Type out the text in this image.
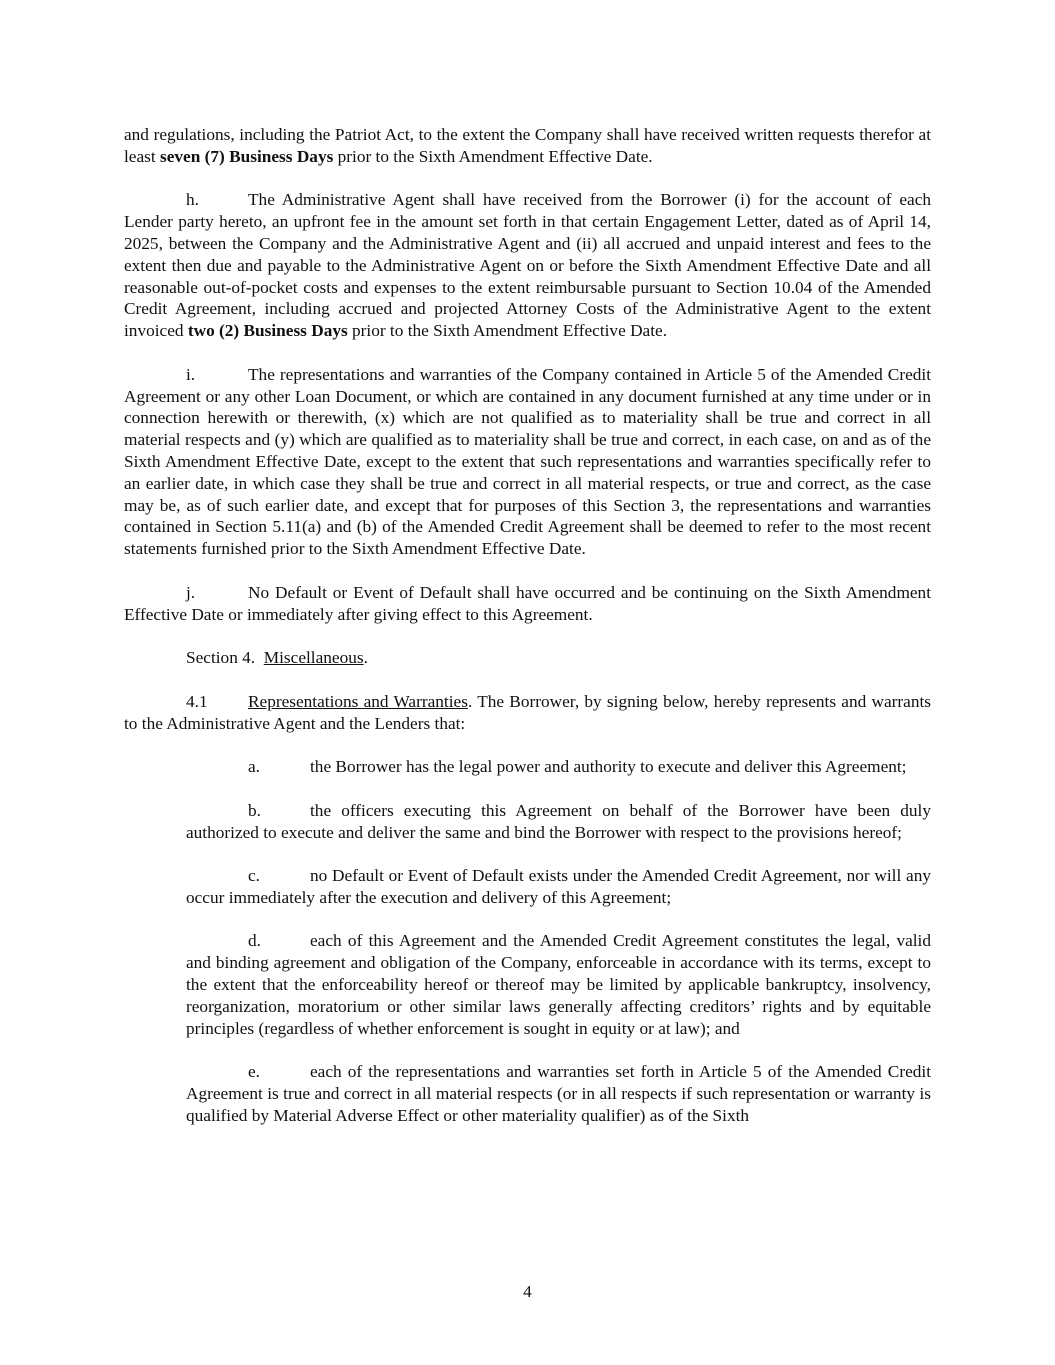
and regulations, including the Patriot Act, to the extent the Company shall have received written requests therefor at least seven (7) Business Days prior to the Sixth Amendment Effective Date.

h.	The Administrative Agent shall have received from the Borrower (i) for the account of each Lender party hereto, an upfront fee in the amount set forth in that certain Engagement Letter, dated as of April 14, 2025, between the Company and the Administrative Agent and (ii) all accrued and unpaid interest and fees to the extent then due and payable to the Administrative Agent on or before the Sixth Amendment Effective Date and all reasonable out-of-pocket costs and expenses to the extent reimbursable pursuant to Section 10.04 of the Amended Credit Agreement, including accrued and projected Attorney Costs of the Administrative Agent to the extent invoiced two (2) Business Days prior to the Sixth Amendment Effective Date.

i.	The representations and warranties of the Company contained in Article 5 of the Amended Credit Agreement or any other Loan Document, or which are contained in any document furnished at any time under or in connection herewith or therewith, (x) which are not qualified as to materiality shall be true and correct in all material respects and (y) which are qualified as to materiality shall be true and correct, in each case, on and as of the Sixth Amendment Effective Date, except to the extent that such representations and warranties specifically refer to an earlier date, in which case they shall be true and correct in all material respects, or true and correct, as the case may be, as of such earlier date, and except that for purposes of this Section 3, the representations and warranties contained in Section 5.11(a) and (b) of the Amended Credit Agreement shall be deemed to refer to the most recent statements furnished prior to the Sixth Amendment Effective Date.

j.	No Default or Event of Default shall have occurred and be continuing on the Sixth Amendment Effective Date or immediately after giving effect to this Agreement.

Section 4. Miscellaneous.

4.1 Representations and Warranties. The Borrower, by signing below, hereby represents and warrants to the Administrative Agent and the Lenders that:

a.	the Borrower has the legal power and authority to execute and deliver this Agreement;

b.	the officers executing this Agreement on behalf of the Borrower have been duly authorized to execute and deliver the same and bind the Borrower with respect to the provisions hereof;

c.	no Default or Event of Default exists under the Amended Credit Agreement, nor will any occur immediately after the execution and delivery of this Agreement;

d.	each of this Agreement and the Amended Credit Agreement constitutes the legal, valid and binding agreement and obligation of the Company, enforceable in accordance with its terms, except to the extent that the enforceability hereof or thereof may be limited by applicable bankruptcy, insolvency, reorganization, moratorium or other similar laws generally affecting creditors’ rights and by equitable principles (regardless of whether enforcement is sought in equity or at law); and

e.	each of the representations and warranties set forth in Article 5 of the Amended Credit Agreement is true and correct in all material respects (or in all respects if such representation or warranty is qualified by Material Adverse Effect or other materiality qualifier) as of the Sixth

4
